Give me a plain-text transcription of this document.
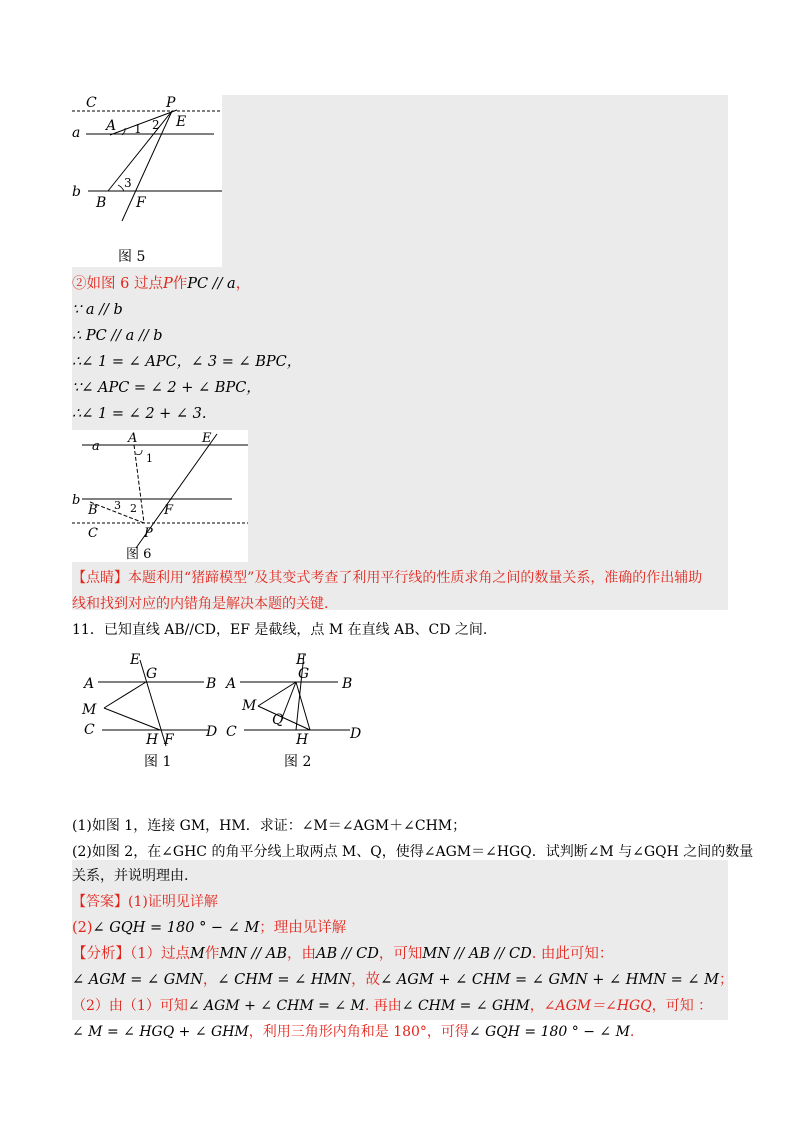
C	P
a A 1 2 E
b
3
B F
图 5
②如图 6 过点P作PC // a，
∵ a // b
∴ PC // a // b
∴∠ 1 = ∠ APC，∠ 3 = ∠ BPC，
∵∠ APC = ∠ 2 + ∠ BPC，
∴∠ 1 = ∠ 2 + ∠ 3.
a
A	E
1
b	3
B	2 F
C	P
图 6
【点睛】本题利用“猪蹄模型”及其变式考查了利用平行线的性质求角之间的数量关系，准确的作出辅助
线和找到对应的内错角是解决本题的关键.
11．已知直线 AB//CD，EF 是截线，点 M 在直线 AB、CD 之间.
E
G
A	B
M
C
H F D
图 1
E
G
A	B
M
Q
C	H	D
图 2
(1)如图 1，连接 GM，HM．求证：∠M＝∠AGM＋∠CHM；
(2)如图 2，在∠GHC 的角平分线上取两点 M、Q，使得∠AGM＝∠HGQ．试判断∠M 与∠GQH 之间的数量
关系，并说明理由.
【答案】(1)证明见详解
(2)∠ GQH = 180 ° − ∠ M；理由见详解
【分析】（1）过点M作MN // AB，由AB // CD，可知MN // AB // CD. 由此可知：
∠ AGM = ∠ GMN，∠ CHM = ∠ HMN，故∠ AGM + ∠ CHM = ∠ GMN + ∠ HMN = ∠ M；
（2）由（1）可知∠ AGM + ∠ CHM = ∠ M. 再由∠ CHM = ∠ GHM，∠AGM＝∠HGQ，可知 ：
∠ M = ∠ HGQ + ∠ GHM，利用三角形内角和是 180°，可得∠ GQH = 180 ° − ∠ M.
